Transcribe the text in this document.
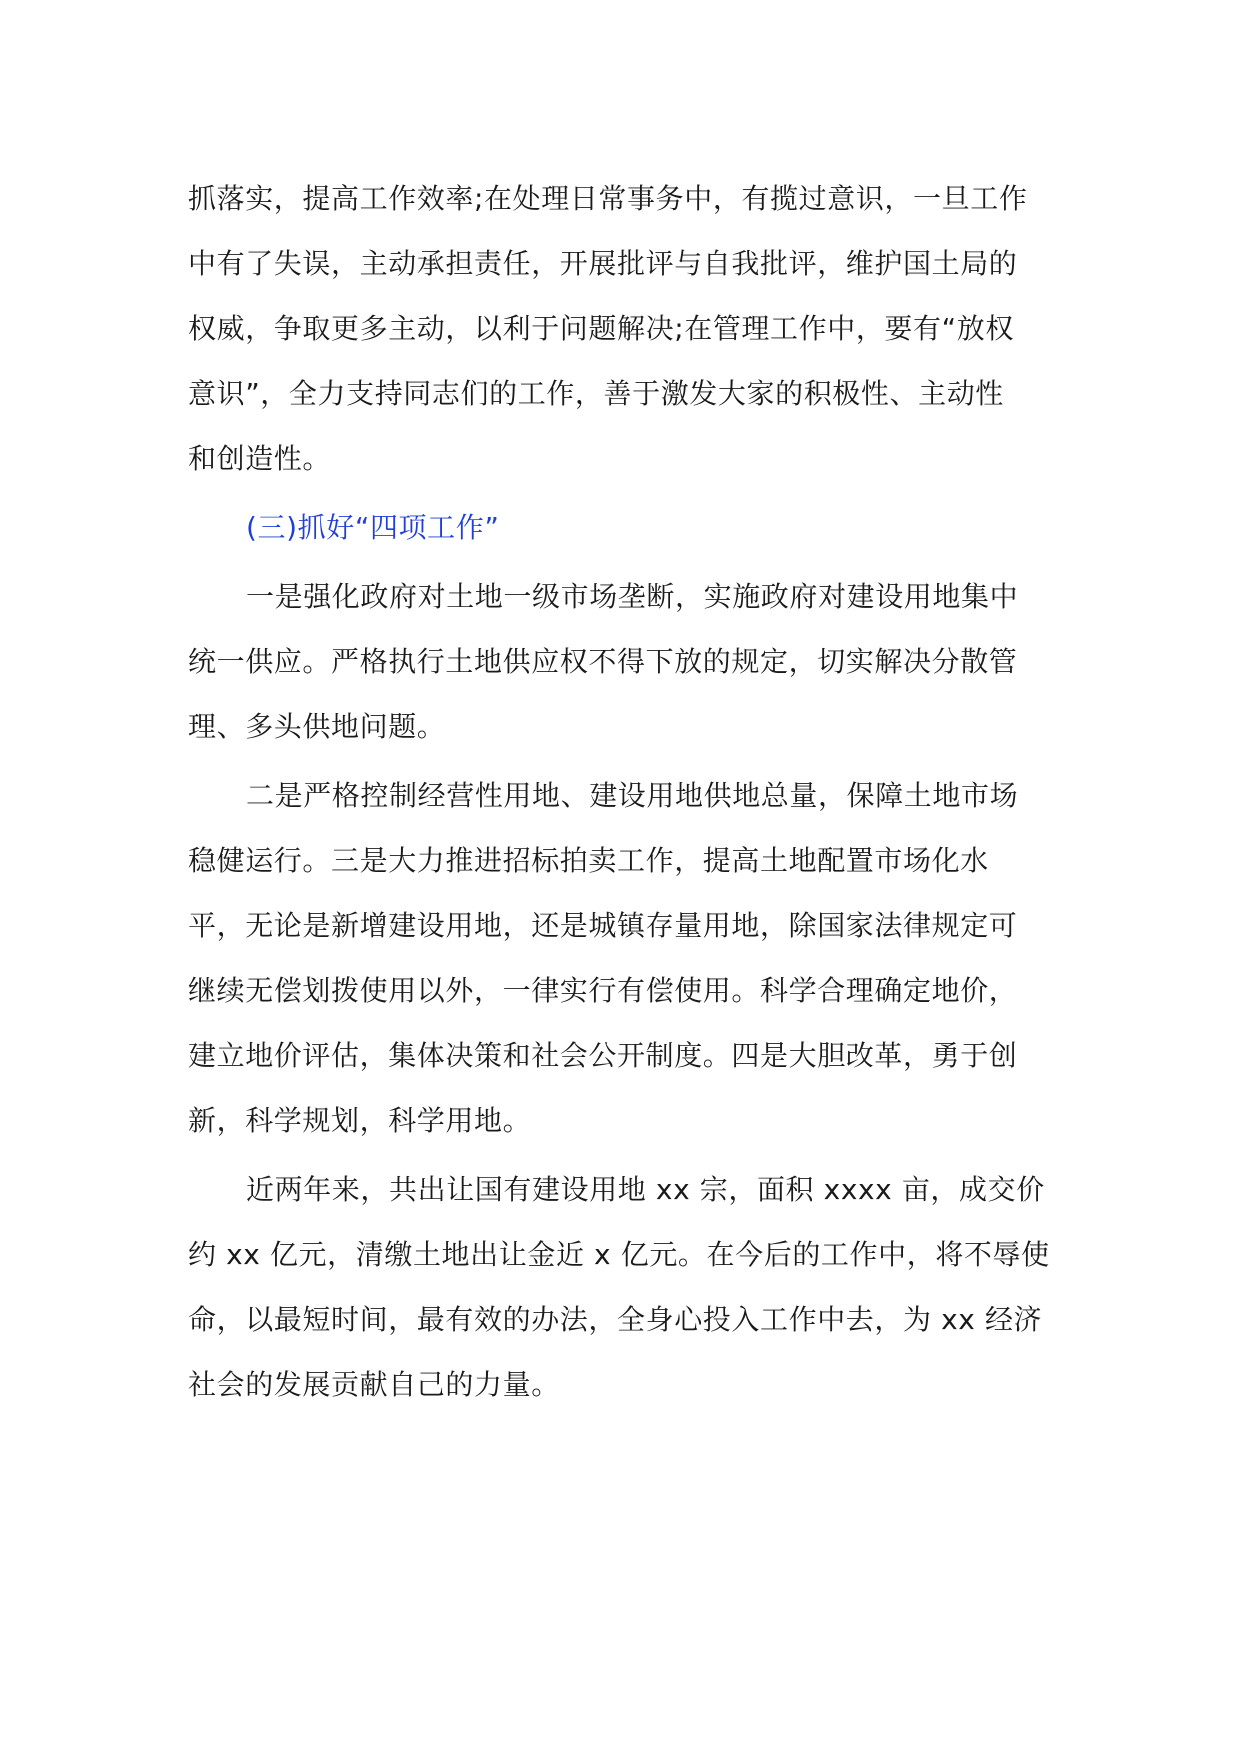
抓落实，提高工作效率;在处理日常事务中，有揽过意识，一旦工作
中有了失误，主动承担责任，开展批评与自我批评，维护国土局的
权威，争取更多主动，以利于问题解决;在管理工作中，要有“放权
意识”，全力支持同志们的工作，善于激发大家的积极性、主动性
和创造性。
(三)抓好“四项工作”
一是强化政府对土地一级市场垄断，实施政府对建设用地集中
统一供应。严格执行土地供应权不得下放的规定，切实解决分散管
理、多头供地问题。
二是严格控制经营性用地、建设用地供地总量，保障土地市场
稳健运行。三是大力推进招标拍卖工作，提高土地配置市场化水
平，无论是新增建设用地，还是城镇存量用地，除国家法律规定可
继续无偿划拨使用以外，一律实行有偿使用。科学合理确定地价，
建立地价评估，集体决策和社会公开制度。四是大胆改革，勇于创
新，科学规划，科学用地。
近两年来，共出让国有建设用地 xx 宗，面积 xxxx 亩，成交价
约 xx 亿元，清缴土地出让金近 x 亿元。在今后的工作中，将不辱使
命，以最短时间，最有效的办法，全身心投入工作中去，为 xx 经济
社会的发展贡献自己的力量。
